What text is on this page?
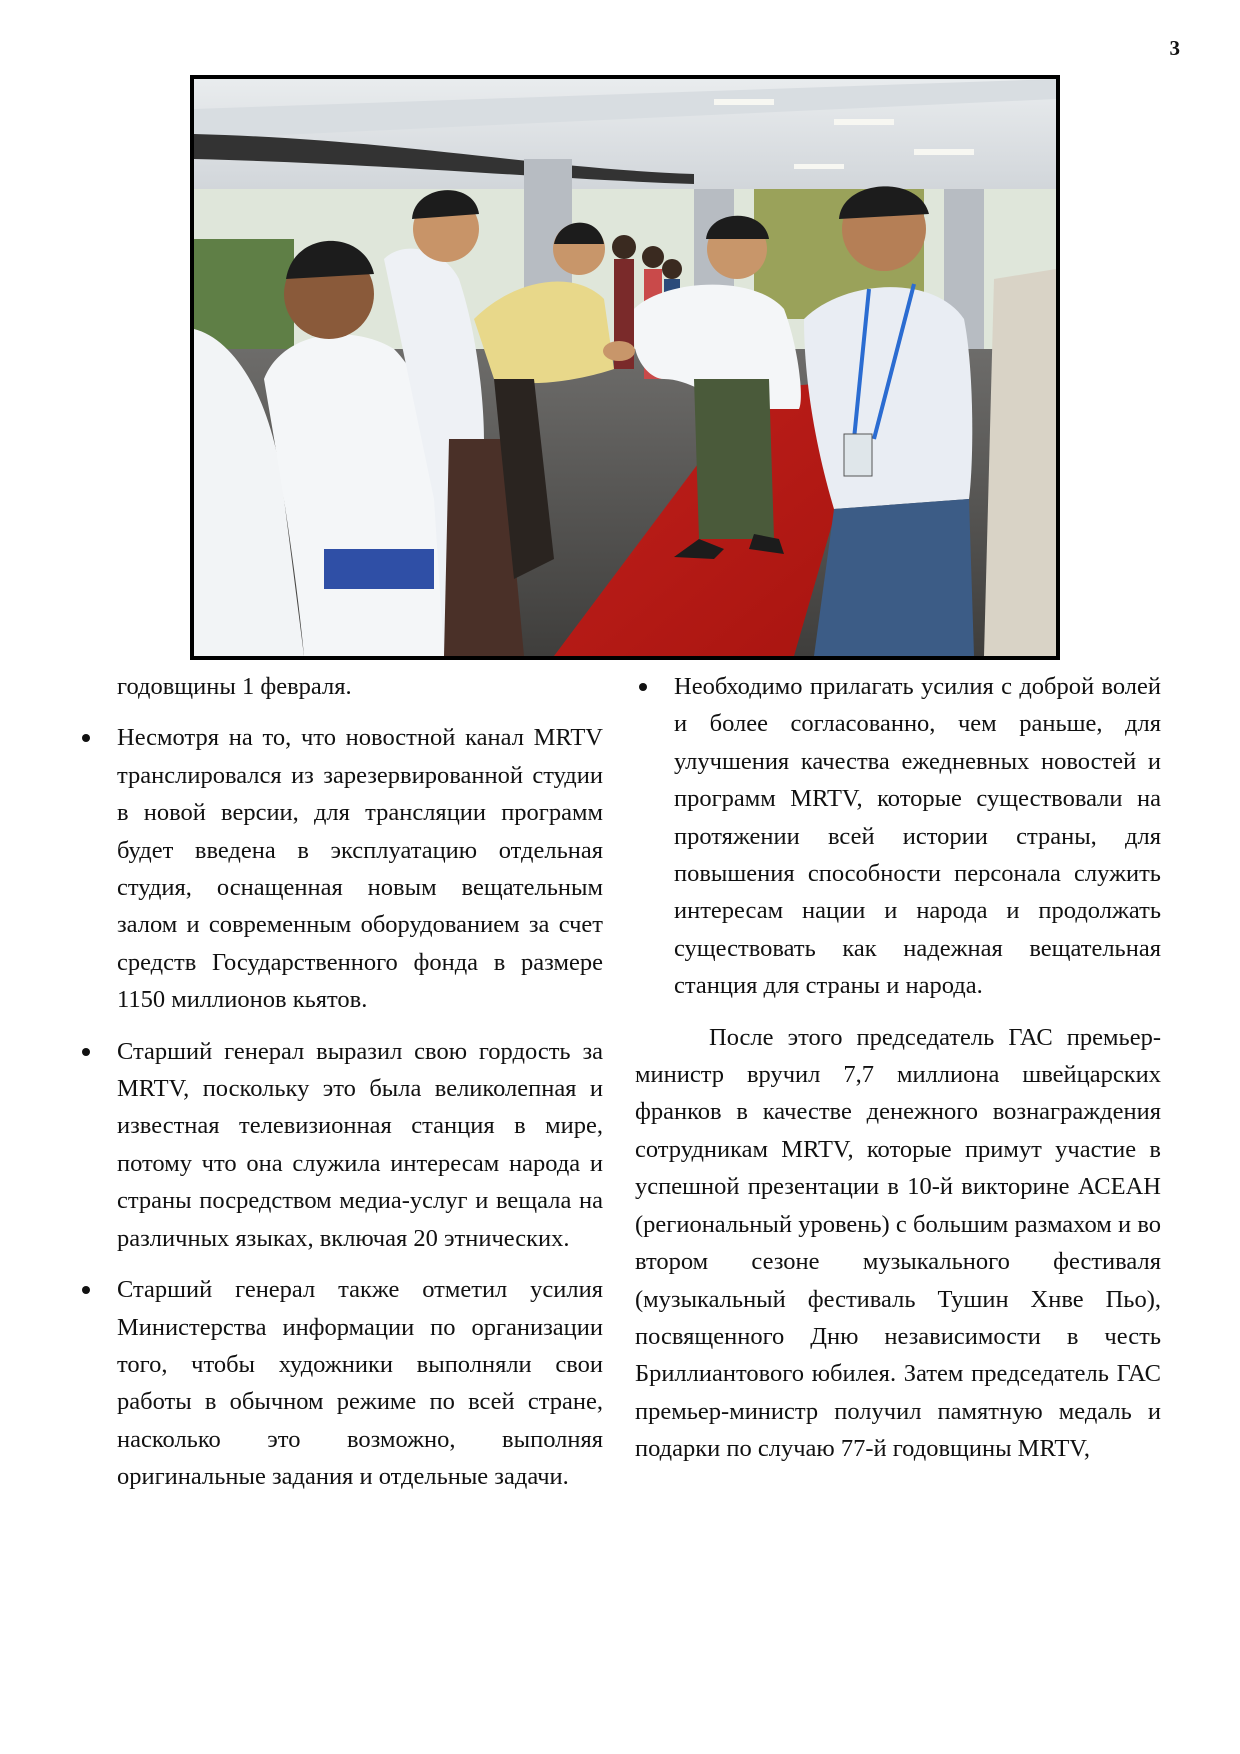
3

годовщины 1 февраля.

Несмотря на то, что новостной канал MRTV транслировался из зарезервированной студии в новой версии, для трансляции программ будет введена в эксплуатацию отдельная студия, оснащенная новым вещательным залом и современным оборудованием за счет средств Государственного фонда в размере 1150 миллионов кьятов.
Старший генерал выразил свою гордость за MRTV, поскольку это была великолепная и известная телевизионная станция в мире, потому что она служила интересам народа и страны посредством медиа-услуг и вещала на различных языках, включая 20 этнических.
Старший генерал также отметил усилия Министерства информации по организации того, чтобы художники выполняли свои работы в обычном режиме по всей стране, насколько это возможно, выполняя оригинальные задания и отдельные задачи.
Необходимо прилагать усилия с доброй волей и более согласованно, чем раньше, для улучшения качества ежедневных новостей и программ MRTV, которые существовали на протяжении всей истории страны, для повышения способности персонала служить интересам нации и народа и продолжать существовать как надежная вещательная станция для страны и народа.

После этого председатель ГАС премьер-министр вручил 7,7 миллиона швейцарских франков в качестве денежного вознаграждения сотрудникам MRTV, которые примут участие в успешной презентации в 10-й викторине АСЕАН (региональный уровень) с большим размахом и во втором сезоне музыкального фестиваля (музыкальный фестиваль Тушин Хнве Пьо), посвященного Дню независимости в честь Бриллиантового юбилея. Затем председатель ГАС премьер-министр получил памятную медаль и подарки по случаю 77-й годовщины MRTV,
